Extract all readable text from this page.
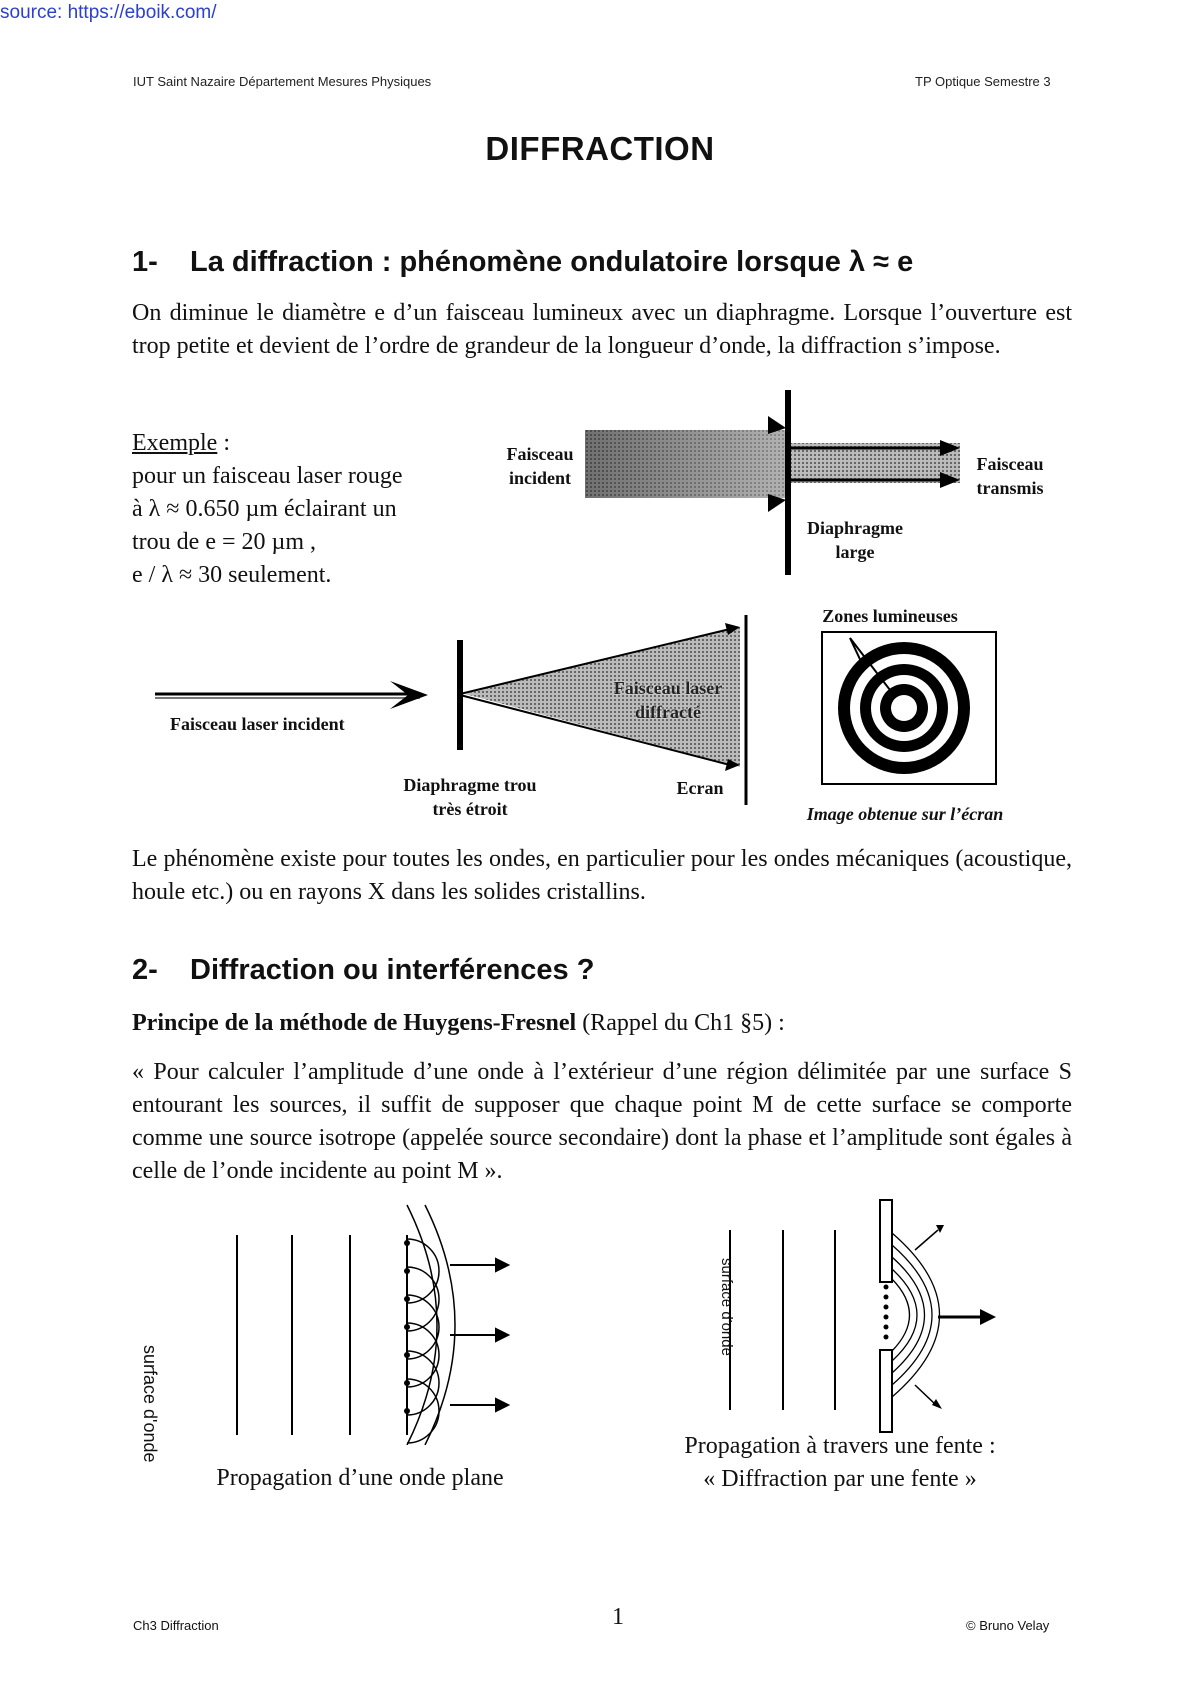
source: https://eboik.com/
IUT Saint Nazaire Département Mesures Physiques	TP Optique Semestre 3
DIFFRACTION
1- La diffraction : phénomène ondulatoire lorsque λ ≈ e
On diminue le diamètre e d’un faisceau lumineux avec un diaphragme. Lorsque l’ouverture est trop petite et devient de l’ordre de grandeur de la longueur d’onde, la diffraction s’impose.
Exemple :
pour un faisceau laser rouge
à λ ≈ 0.650 µm éclairant un
trou de e = 20 µm ,
e / λ ≈ 30 seulement.
Faisceau incident
Faisceau transmis
Diaphragme large
Faisceau laser incident
Faisceau laser diffracté
Diaphragme trou très étroit
Ecran
Zones lumineuses
Image obtenue sur l’écran
Le phénomène existe pour toutes les ondes, en particulier pour les ondes mécaniques (acoustique, houle etc.) ou en rayons X dans les solides cristallins.
2- Diffraction ou interférences ?
Principe de la méthode de Huygens-Fresnel (Rappel du Ch1 §5) :
« Pour calculer l’amplitude d’une onde à l’extérieur d’une région délimitée par une surface S entourant les sources, il suffit de supposer que chaque point M de cette surface se comporte comme une source isotrope (appelée source secondaire) dont la phase et l’amplitude sont égales à celle de l’onde incidente au point M ».
surface d'onde
Propagation d’une onde plane
surface d'onde
Propagation à travers une fente :
« Diffraction par une fente »
Ch3 Diffraction	1	© Bruno Velay
